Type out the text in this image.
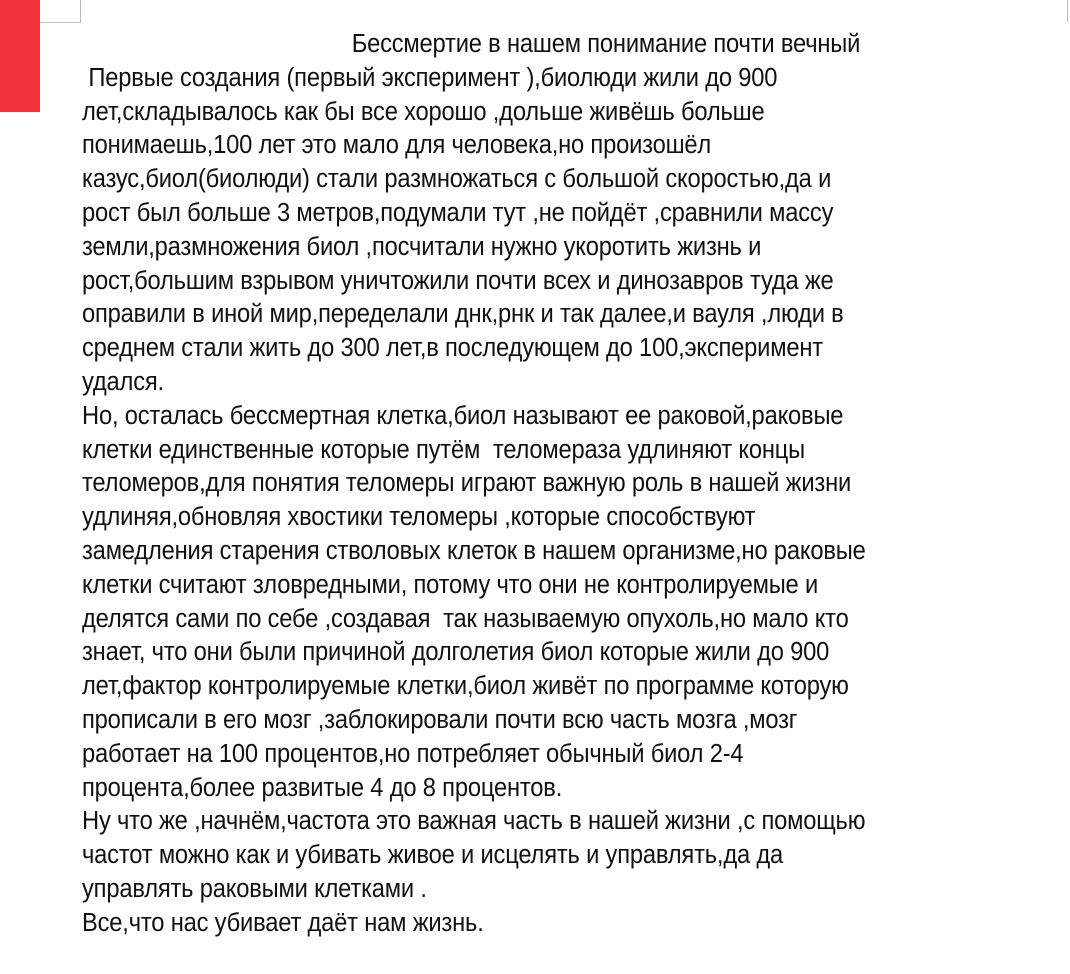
Бессмертие в нашем понимание почти вечный
Первые создания (первый эксперимент ),биолюди жили до 900
лет,складывалось как бы все хорошо ,дольше живёшь больше
понимаешь,100 лет это мало для человека,но произошёл
казус,биол(биолюди) стали размножаться с большой скоростью,да и
рост был больше 3 метров,подумали тут ,не пойдёт ,сравнили массу
земли,размножения биол ,посчитали нужно укоротить жизнь и
рост,большим взрывом уничтожили почти всех и динозавров туда же
оправили в иной мир,переделали днк,рнк и так далее,и вауля ,люди в
среднем стали жить до 300 лет,в последующем до 100,эксперимент
удался.
Но, осталась бессмертная клетка,биол называют ее раковой,раковые
клетки единственные которые путём  теломераза удлиняют концы
теломеров,для понятия теломеры играют важную роль в нашей жизни
удлиняя,обновляя хвостики теломеры ,которые способствуют
замедления старения стволовых клеток в нашем организме,но раковые
клетки считают зловредными, потому что они не контролируемые и
делятся сами по себе ,создавая  так называемую опухоль,но мало кто
знает, что они были причиной долголетия биол которые жили до 900
лет,фактор контролируемые клетки,биол живёт по программе которую
прописали в его мозг ,заблокировали почти всю часть мозга ,мозг
работает на 100 процентов,но потребляет обычный биол 2-4
процента,более развитые 4 до 8 процентов.
Ну что же ,начнём,частота это важная часть в нашей жизни ,с помощью
частот можно как и убивать живое и исцелять и управлять,да да
управлять раковыми клетками .
Все,что нас убивает даёт нам жизнь.
